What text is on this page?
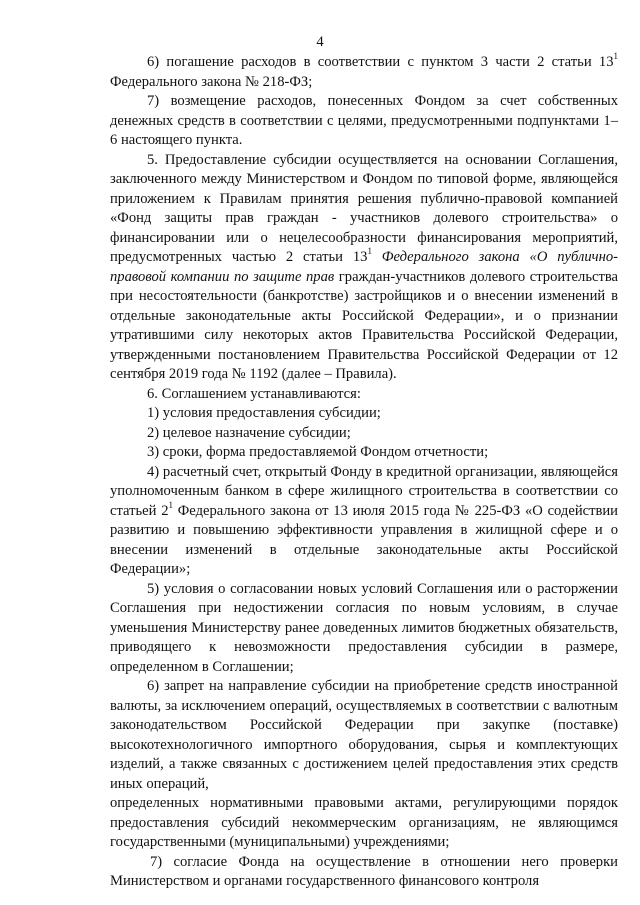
4

6) погашение расходов в соответствии с пунктом 3 части 2 статьи $13^1$ Федерального закона № 218-ФЗ;

7) возмещение расходов, понесенных Фондом за счет собственных денежных средств в соответствии с целями, предусмотренными подпунктами 1–6 настоящего пункта.

5. Предоставление субсидии осуществляется на основании Соглашения, заключенного между Министерством и Фондом по типовой форме, являющейся приложением к Правилам принятия решения публично-правовой компанией «Фонд защиты прав граждан - участников долевого строительства» о финансировании или о нецелесообразности финансирования мероприятий, предусмотренных частью 2 статьи $13^1$ Федерального закона «О публично-правовой компании по защите прав граждан-участников долевого строительства при несостоятельности (банкротстве) застройщиков и о внесении изменений в отдельные законодательные акты Российской Федерации», и о признании утратившими силу некоторых актов Правительства Российской Федерации, утвержденными постановлением Правительства Российской Федерации от 12 сентября 2019 года № 1192 (далее – Правила).

6. Соглашением устанавливаются:

1) условия предоставления субсидии;

2) целевое назначение субсидии;

3) сроки, форма предоставляемой Фондом отчетности;

4) расчетный счет, открытый Фонду в кредитной организации, являющейся уполномоченным банком в сфере жилищного строительства в соответствии со статьей $2^1$ Федерального закона от 13 июля 2015 года № 225-ФЗ «О содействии развитию и повышению эффективности управления в жилищной сфере и о внесении изменений в отдельные законодательные акты Российской Федерации»;

5) условия о согласовании новых условий Соглашения или о расторжении Соглашения при недостижении согласия по новым условиям, в случае уменьшения Министерству ранее доведенных лимитов бюджетных обязательств, приводящего к невозможности предоставления субсидии в размере, определенном в Соглашении;

6) запрет на направление субсидии на приобретение средств иностранной валюты, за исключением операций, осуществляемых в соответствии с валютным законодательством Российской Федерации при закупке (поставке) высокотехнологичного импортного оборудования, сырья и комплектующих изделий, а также связанных с достижением целей предоставления этих средств иных операций,

определенных нормативными правовыми актами, регулирующими порядок предоставления субсидий некоммерческим организациям, не являющимся государственными (муниципальными) учреждениями;

7) согласие Фонда на осуществление в отношении него проверки Министерством и органами государственного финансового контроля
